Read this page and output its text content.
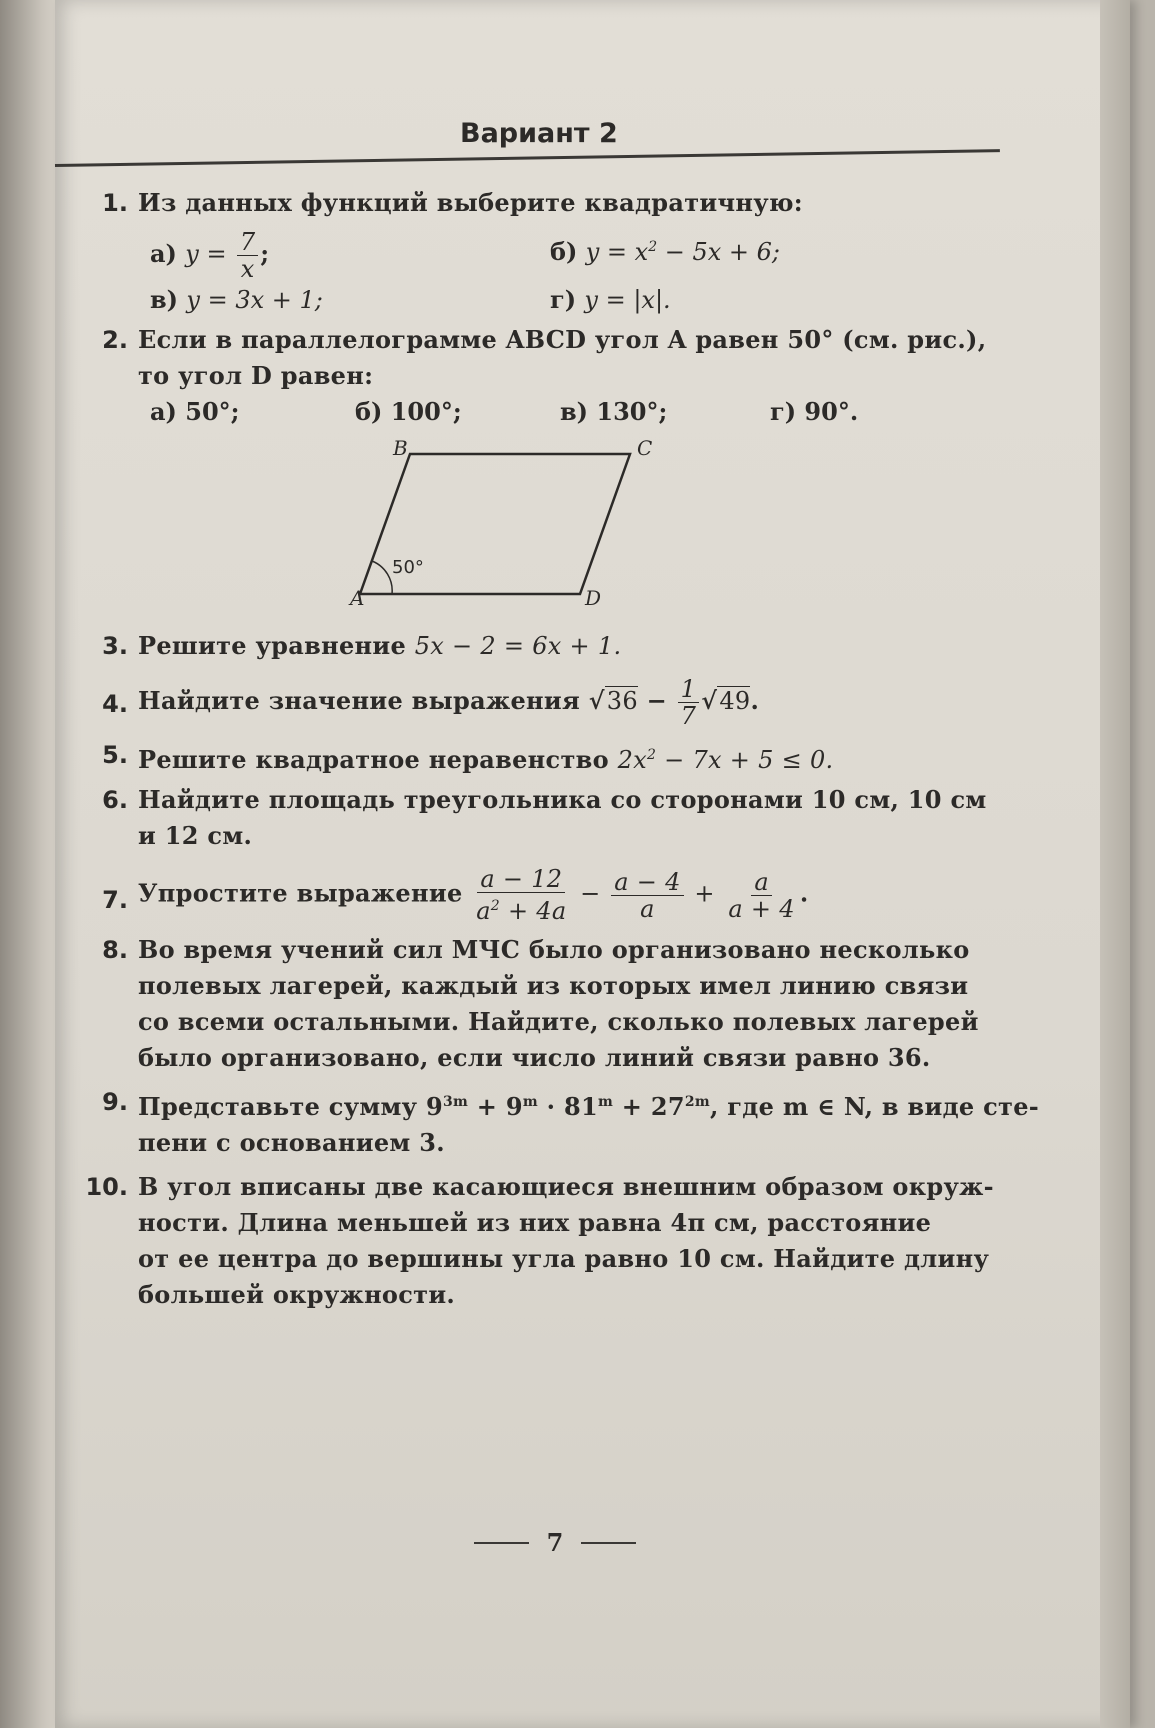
Вариант 2
1. Из данных функций выберите квадратичную:
а) $y = \frac{7}{x}$ ;	б) $y = x^2 - 5x + 6$;
в) y = 3x + 1;	г) y = |x|.
2. Если в параллелограмме ABCD угол A равен 50° (см. рис.),
то угол D равен:
а) 50°;	б) 100°;	в) 130°;	г) 90°.
A
B	C
D
50°
3. Решите уравнение 5x − 2 = 6x + 1.
4. Найдите значение выражения $√36 - \frac{1}{7} √49$.
5. Решите квадратное неравенство $2x^2 - 7x + 5 \le 0$.
6. Найдите площадь треугольника со сторонами 10 см, 10 см
и 12 см.
7. Упростите выражение $\frac{a - 12}{a^2 + 4a} - \frac{a - 4}{a} + \frac{a}{a + 4}$ .
8. Во время учений сил МЧС было организовано несколько
полевых лагерей, каждый из которых имел линию связи
со всеми остальными. Найдите, сколько полевых лагерей
было организовано, если число линий связи равно 36.
9. Представьте сумму $9^{3m} + 9^m \cdot 81^m + 27^{2m}$, где m ∈ N, в виде сте-
пени с основанием 3.
10. В угол вписаны две касающиеся внешним образом окруж-
ности. Длина меньшей из них равна 4π см, расстояние
от ее центра до вершины угла равно 10 см. Найдите длину
большей окружности.
7
